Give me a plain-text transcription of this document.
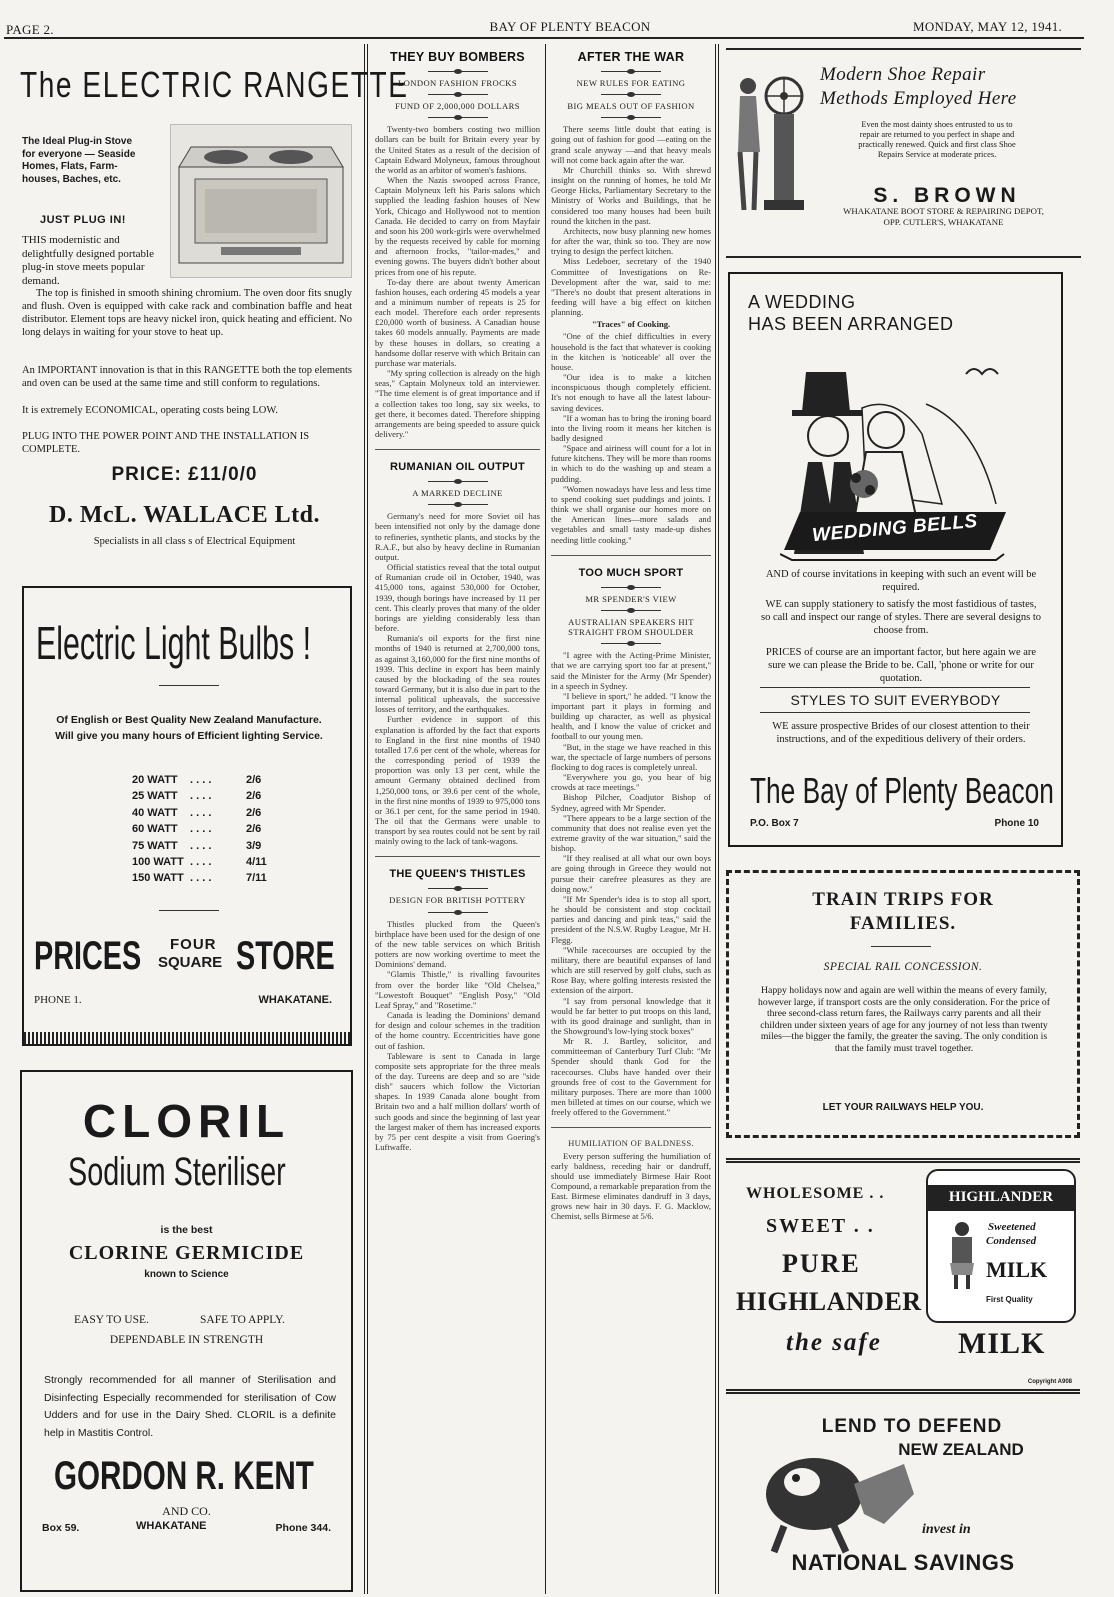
PAGE 2.	BAY OF PLENTY BEACON	MONDAY, MAY 12, 1941.
The ELECTRIC RANGETTE
The Ideal Plug-in Stove for everyone — Seaside Homes, Flats, Farm-houses, Baches, etc.
JUST PLUG IN!
THIS modernistic and delightfully designed portable plug-in stove meets popular demand.
The top is finished in smooth shining chromium. The oven door fits snugly and flush. Oven is equipped with cake rack and combination baffle and heat distributor. Element tops are heavy nickel iron, quick heating and efficient. No long delays in waiting for your stove to heat up.
An IMPORTANT innovation is that in this RANGETTE both the top elements and oven can be used at the same time and still conform to regulations.
It is extremely ECONOMICAL, operating costs being LOW.
PLUG INTO THE POWER POINT AND THE INSTALLATION IS COMPLETE.
PRICE: £11/0/0
D. McL. WALLACE Ltd.
Specialists in all class s of Electrical Equipment
Electric Light Bulbs !
Of English or Best Quality New Zealand Manufacture. Will give you many hours of Efficient lighting Service.
20 WATT	. . . .	2/6
25 WATT	. . . .	2/6
40 WATT	. . . .	2/6
60 WATT	. . . .	2/6
75 WATT	. . . .	3/9
100 WATT . . . .	4/11
150 WATT . . . .	7/11
PRICES FOUR
SQUARE STORE
PHONE 1.	WHAKATANE.
CLORIL
Sodium Steriliser
is the best
CLORINE GERMICIDE
known to Science
EASY TO USE.	SAFE TO APPLY.
DEPENDABLE IN STRENGTH
Strongly recommended for all manner of Sterilisation and Disinfecting Especially recommended for sterilisation of Cow Udders and for use in the Dairy Shed. CLORIL is a definite help in Mastitis Control.
GORDON R. KENT
AND CO.
Box 59.	WHAKATANE	Phone 344.
THEY BUY BOMBERS
LONDON FASHION FROCKS
FUND OF 2,000,000 DOLLARS

Twenty-two bombers costing two million dollars can be built for Britain every year by the United States as a result of the decision of Captain Edward Molyneux, famous throughout the world as an arbitor of women's fashions.

When the Nazis swooped across France, Captain Molyneux left his Paris salons which supplied the leading fashion houses of New York, Chicago and Hollywood not to mention Canada. He decided to carry on from Mayfair and soon his 200 work-girls were overwhelmed by the requests received by cable for morning and afternoon frocks, "tailor-mades," and evening gowns. The buyers didn't bother about prices from one of his repute.

To-day there are about twenty American fashion houses, each ordering 45 models a year and a minimum number of repeats is 25 for each model. Therefore each order represents £20,000 worth of business. A Canadian house takes 60 models annually. Payments are made by these houses in dollars, so creating a handsome dollar reserve with which Britain can purchase war materials.

"My spring collection is already on the high seas," Captain Molyneux told an interviewer. "The time element is of great importance and if a collection takes too long, say six weeks, to get there, it becomes dated. Therefore shipping arrangements are being speeded to assure quick delivery."

RUMANIAN OIL OUTPUT
A MARKED DECLINE

Germany's need for more Soviet oil has been intensified not only by the damage done to refineries, synthetic plants, and stocks by the R.A.F., but also by heavy decline in Rumanian output.

Official statistics reveal that the total output of Rumanian crude oil in October, 1940, was 415,000 tons, against 530,000 for October, 1939, though borings have increased by 11 per cent. This clearly proves that many of the older borings are yielding considerably less than before.

Rumania's oil exports for the first nine months of 1940 is returned at 2,700,000 tons, as against 3,160,000 for the first nine months of 1939. This decline in export has been mainly caused by the blockading of the sea routes toward Germany, but it is also due in part to the internal political upheavals, the successive losses of territory, and the earthquakes.

Further evidence in support of this explanation is afforded by the fact that exports to England in the first nine months of 1940 totalled 17.6 per cent of the whole, whereas for the corresponding period of 1939 the proportion was only 13 per cent, while the amount Germany obtained declined from 1,250,000 tons, or 39.6 per cent of the whole, in the first nine months of 1939 to 975,000 tons or 36.1 per cent, for the same period in 1940. The oil that the Germans were unable to transport by sea routes could not be sent by rail mainly owing to the lack of tank-wagons.

THE QUEEN'S THISTLES
DESIGN FOR BRITISH POTTERY

Thistles plucked from the Queen's birthplace have been used for the design of one of the new table services on which British potters are now working overtime to meet the Dominions' demand.

"Glamis Thistle," is rivalling favourites from over the border like "Old Chelsea," "Lowestoft Bouquet" "English Posy," "Old Leaf Spray," and "Rosetime."

Canada is leading the Dominions' demand for design and colour schemes in the tradition of the home country. Eccentricities have gone out of fashion.

Tableware is sent to Canada in large composite sets appropriate for the three meals of the day. Tureens are deep and so are "side dish" saucers which follow the Victorian shapes. In 1939 Canada alone bought from Britain two and a half million dollars' worth of such goods and since the beginning of last year the largest maker of them has increased exports by 75 per cent despite a visit from Goering's Luftwaffe.

AFTER THE WAR
NEW RULES FOR EATING
BIG MEALS OUT OF FASHION

There seems little doubt that eating is going out of fashion for good —eating on the grand scale anyway —and that heavy meals will not come back again after the war.

Mr Churchill thinks so. With shrewd insight on the running of homes, he told Mr George Hicks, Parliamentary Secretary to the Ministry of Works and Buildings, that he considered too many houses had been built round the kitchen in the past.

Architects, now busy planning new homes for after the war, think so too. They are now trying to design the perfect kitchen.

Miss Ledeboer, secretary of the 1940 Committee of Investigations on Re-Development after the war, said to me: "There's no doubt that present alterations in feeding will have a big effect on kitchen planning.

"Traces" of Cooking.

"One of the chief difficulties in every household is the fact that whatever is cooking in the kitchen is 'noticeable' all over the house.

"Our idea is to make a kitchen inconspicuous though completely efficient. It's not enough to have all the latest labour-saving devices.

"If a woman has to bring the ironing board into the living room it means her kitchen is badly designed

"Space and airiness will count for a lot in future kitchens. They will be more than rooms in which to do the washing up and steam a pudding.

"Women nowadays have less and less time to spend cooking suet puddings and joints. I think we shall organise our homes more on the American lines—more salads and vegetables and small tasty made-up dishes needing little cooking."

TOO MUCH SPORT
MR SPENDER'S VIEW
AUSTRALIAN SPEAKERS HIT STRAIGHT FROM SHOULDER

"I agree with the Acting-Prime Minister, that we are carrying sport too far at present," said the Minister for the Army (Mr Spender) in a speech in Sydney.

"I believe in sport," he added. "I know the important part it plays in forming and building up character, as well as physical health, and I know the value of cricket and football to our young men.

"But, in the stage we have reached in this war, the spectacle of large numbers of persons flocking to dog races is completely unreal.

"Everywhere you go, you hear of big crowds at race meetings."

Bishop Pilcher, Coadjutor Bishop of Sydney, agreed with Mr Spender.

"There appears to be a large section of the community that does not realise even yet the extreme gravity of the war situation," said the bishop.

"If they realised at all what our own boys are going through in Greece they would not pursue their carefree pleasures as they are doing now."

"If Mr Spender's idea is to stop all sport, he should be consistent and stop cocktail parties and dancing and pink teas," said the president of the N.S.W. Rugby League, Mr H. Flegg.

"While racecourses are occupied by the military, there are beautiful expanses of land which are still reserved by golf clubs, such as Rose Bay, where golfing interests resisted the extension of the airport.

"I say from personal knowledge that it would be far better to put troops on this land, with its good drainage and sunlight, than in the Showground's low-lying stock boxes"

Mr R. J. Bartley, solicitor, and committeeman of Canterbury Turf Club: "Mr Spender should thank God for the racecourses. Clubs have handed over their grounds free of cost to the Government for military purposes. There are more than 1000 men billeted at times on our course, which we freely offered to the Government."

HUMILIATION OF BALDNESS.

Every person suffering the humiliation of early baldness, receding hair or dandruff, should use immediately Birmese Hair Root Compound, a remarkable preparation from the East. Birmese eliminates dandruff in 3 days, grows new hair in 30 days. F. G. Macklow, Chemist, sells Birmese at 5/6.

Modern Shoe Repair
Methods Employed Here
Even the most dainty shoes entrusted to us to repair are returned to you perfect in shape and practically renewed. Quick and first class Shoe Repairs Service at moderate prices.
S. BROWN
WHAKATANE BOOT STORE & REPAIRING DEPOT,
OPP. CUTLER'S, WHAKATANE
A WEDDING
HAS BEEN ARRANGED
WEDDING BELLS
AND of course invitations in keeping with such an event will be required.
WE can supply stationery to satisfy the most fastidious of tastes, so call and inspect our range of styles. There are several designs to choose from.
PRICES of course are an important factor, but here again we are sure we can please the Bride to be. Call, 'phone or write for our quotation.
STYLES TO SUIT EVERYBODY
WE assure prospective Brides of our closest attention to their instructions, and of the expeditious delivery of their orders.
The Bay of Plenty Beacon
P.O. Box 7	Phone 10
TRAIN TRIPS FOR
FAMILIES.
SPECIAL RAIL CONCESSION.
Happy holidays now and again are well within the means of every family, however large, if transport costs are the only consideration. For the price of three second-class return fares, the Railways carry parents and all their children under sixteen years of age for any journey of not less than twenty miles—the bigger the family, the greater the saving. The only condition is that the family must travel together.
LET YOUR RAILWAYS HELP YOU.
WHOLESOME . .
SWEET . .
PURE
HIGHLANDER
the safe	MILK
HIGHLANDER
Sweetened
Condensed
MILK
First Quality
Copyright A908
LEND TO DEFEND
NEW ZEALAND
invest in
NATIONAL SAVINGS
